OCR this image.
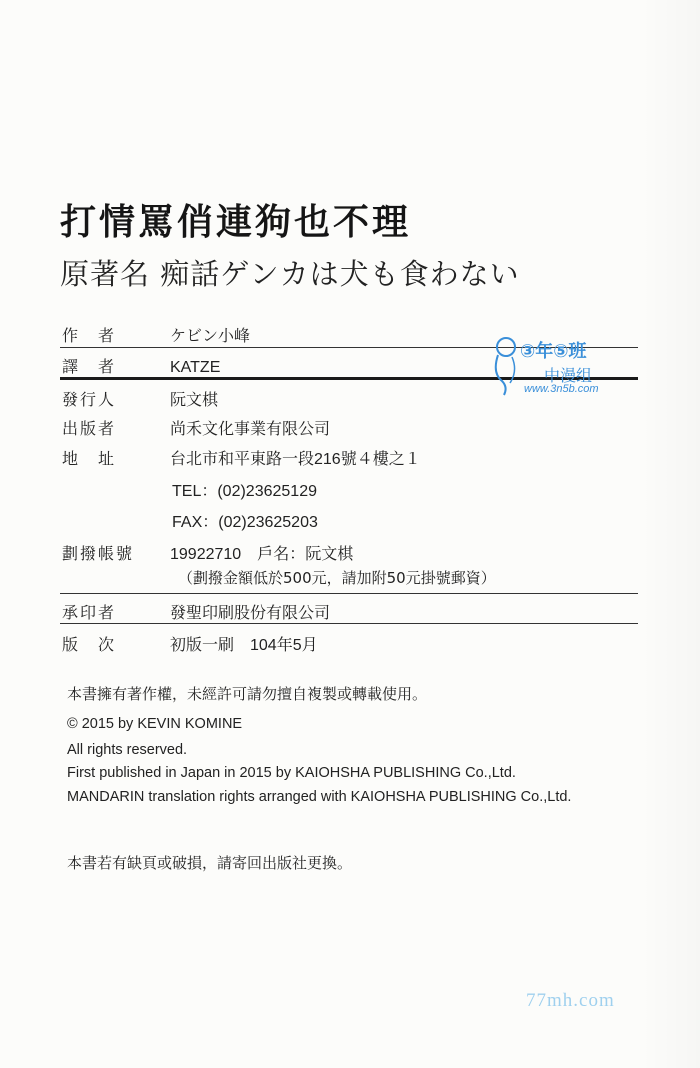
打情罵俏連狗也不理
原著名 痴話ゲンカは犬も食わない
作　者	ケビン小峰
譯　者	KATZE
發行人	阮文棋
出版者	尚禾文化事業有限公司
地　址	台北市和平東路一段216號４樓之１
TEL：(02)23625129
FAX：(02)23625203
劃撥帳號 19922710　戶名：阮文棋
（劃撥金額低於500元，請加附50元掛號郵資）
承印者	發聖印刷股份有限公司
版　次	初版一刷　104年5月
本書擁有著作權，未經許可請勿擅自複製或轉載使用。
© 2015 by KEVIN KOMINE
All rights reserved.
First published in Japan in 2015 by KAIOHSHA PUBLISHING Co.,Ltd.
MANDARIN translation rights arranged with KAIOHSHA PUBLISHING Co.,Ltd.
本書若有缺頁或破損，請寄回出版社更換。
③年⑤班
中漫组
www.3n5b.com
77mh.com
